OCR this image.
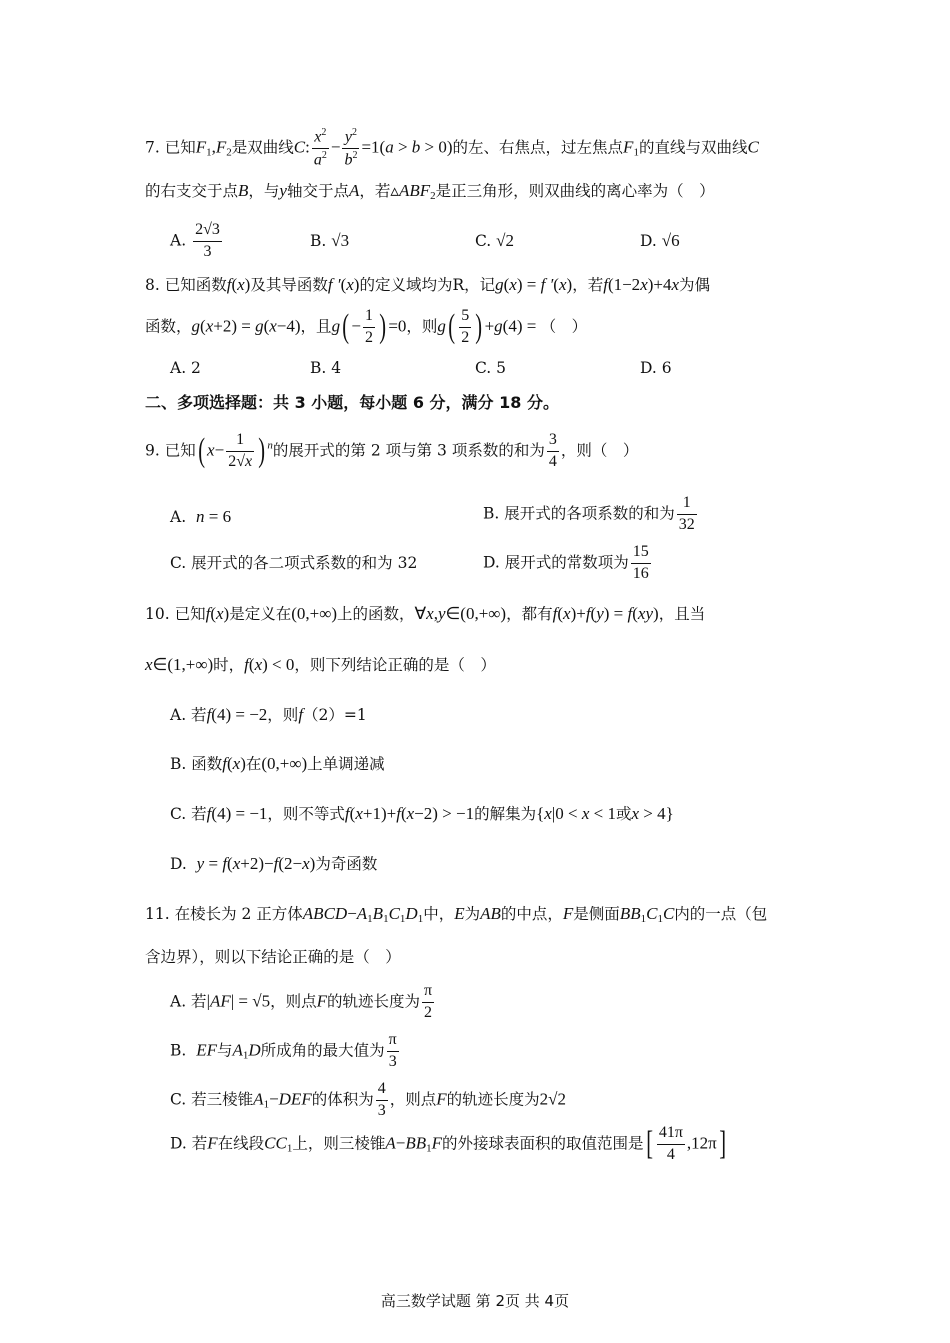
7. 已知$F_1,F_2$是双曲线C: $\frac{x^2}{a^2} - \frac{y^2}{b^2} =1(a > b > 0)$的左、右焦点，过左焦点$F_1$的直线与双曲线C
的右支交于点B，与y轴交于点A，若$▵ABF_2$是正三角形，则双曲线的离心率为（　）
A. $\frac{2√3}{3}$	B. √3	C. √2	D. √6
8. 已知函数f(x)及其导函数f ′(x)的定义域均为R，记g(x) = f ′(x)，若f(1−2x)+4x为偶
函数，g(x+2) = g(x−4)，且$g( - \frac{1}{2}$ ) =0，则$g( \frac{5}{2}$ ) +g(4) = （　）
A. 2	B. 4	C. 5	D. 6
二、多项选择题：共 3 小题，每小题 6 分，满分 18 分。
9. 已知( $x- \frac{1}{2√x}$ ) $^n$的展开式的第 2 项与第 3 项系数的和为 $\frac{3}{4}$ ，则（　）
A. n = 6	B. 展开式的各项系数的和为 $\frac{1}{32}$
C. 展开式的各二项式系数的和为 32	D. 展开式的常数项为 $\frac{15}{16}$
10. 已知f(x)是定义在(0,+∞)上的函数，∀x,y∈(0,+∞)，都有f(x)+f(y) = f(xy)，且当
x∈(1,+∞)时，f(x) < 0，则下列结论正确的是（　）
A. 若f(4) = −2，则f（2）=1
B. 函数f(x)在(0,+∞)上单调递减
C. 若f(4) = −1，则不等式f(x+1)+f(x−2) > −1的解集为{x|0 < x < 1或x > 4}
D. y = f(x+2)−f(2−x)为奇函数
11. 在棱长为 2 正方体$ABCD-A_1B_1C_1D_1$中，E为AB的中点，F是侧面$BB_1C_1C$内的一点（包
含边界），则以下结论正确的是（　）
A. 若|AF| = √5，则点F的轨迹长度为 $\frac{\pi}{2}$
B. EF与$A_1D$所成角的最大值为 $\frac{\pi}{3}$
C. 若三棱锥$A_1-DEF$的体积为 $\frac{4}{3}$ ，则点F的轨迹长度为2√2
D. 若F在线段$CC_1$上，则三棱锥$A-BB_1F$的外接球表面积的取值范围是[ $\frac{41\pi}{4} ,12\pi$]
高三数学试题 第 2页 共 4页
